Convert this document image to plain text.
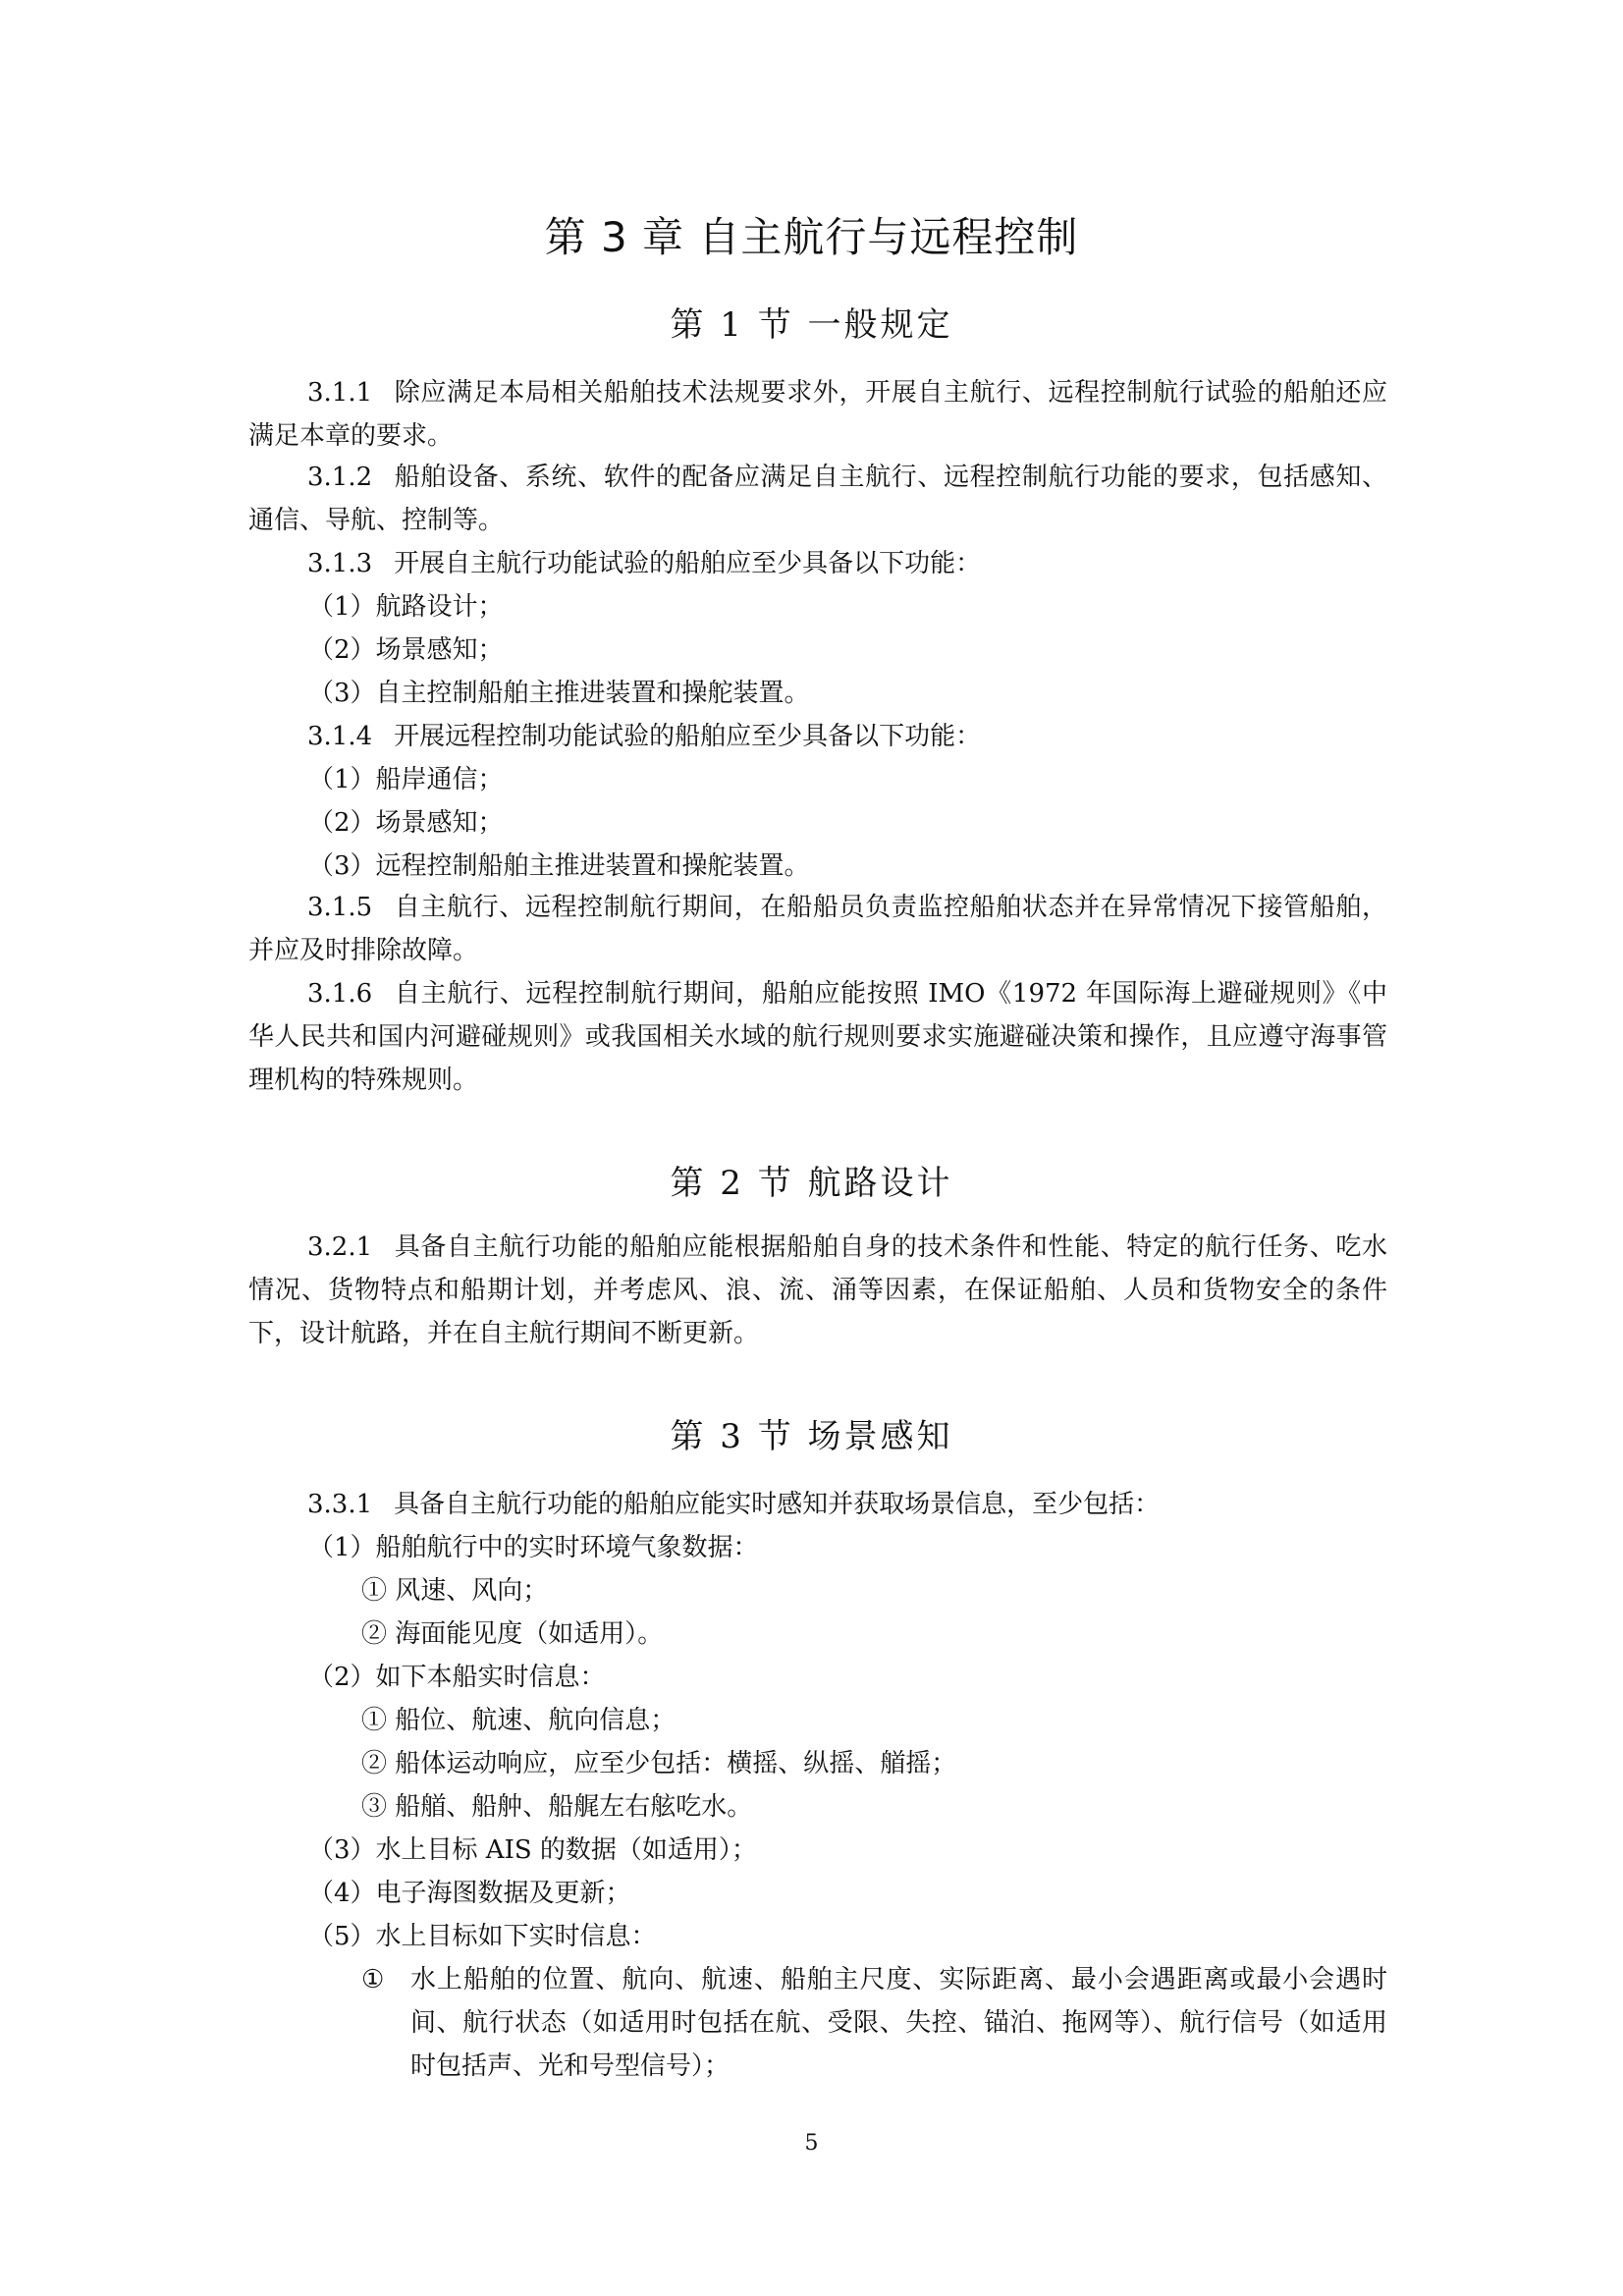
第 3 章 自主航行与远程控制
第 1 节 一般规定
3.1.1 除应满足本局相关船舶技术法规要求外，开展自主航行、远程控制航行试验的船舶还应满足本章的要求。
3.1.2 船舶设备、系统、软件的配备应满足自主航行、远程控制航行功能的要求，包括感知、通信、导航、控制等。
3.1.3 开展自主航行功能试验的船舶应至少具备以下功能：
（1）航路设计；
（2）场景感知；
（3）自主控制船舶主推进装置和操舵装置。
3.1.4 开展远程控制功能试验的船舶应至少具备以下功能：
（1）船岸通信；
（2）场景感知；
（3）远程控制船舶主推进装置和操舵装置。
3.1.5 自主航行、远程控制航行期间，在船船员负责监控船舶状态并在异常情况下接管船舶，并应及时排除故障。
3.1.6 自主航行、远程控制航行期间，船舶应能按照 IMO《1972 年国际海上避碰规则》《中华人民共和国内河避碰规则》或我国相关水域的航行规则要求实施避碰决策和操作，且应遵守海事管理机构的特殊规则。
第 2 节 航路设计
3.2.1 具备自主航行功能的船舶应能根据船舶自身的技术条件和性能、特定的航行任务、吃水情况、货物特点和船期计划，并考虑风、浪、流、涌等因素，在保证船舶、人员和货物安全的条件下，设计航路，并在自主航行期间不断更新。
第 3 节 场景感知
3.3.1 具备自主航行功能的船舶应能实时感知并获取场景信息，至少包括：
（1）船舶航行中的实时环境气象数据：
① 风速、风向；
② 海面能见度（如适用）。
（2）如下本船实时信息：
① 船位、航速、航向信息；
② 船体运动响应，应至少包括：横摇、纵摇、艏摇；
③ 船艏、船舯、船艉左右舷吃水。
（3）水上目标 AIS 的数据（如适用）；
（4）电子海图数据及更新；
（5）水上目标如下实时信息：
①	水上船舶的位置、航向、航速、船舶主尺度、实际距离、最小会遇距离或最小会遇时间、航行状态（如适用时包括在航、受限、失控、锚泊、拖网等）、航行信号（如适用时包括声、光和号型信号）；
5
